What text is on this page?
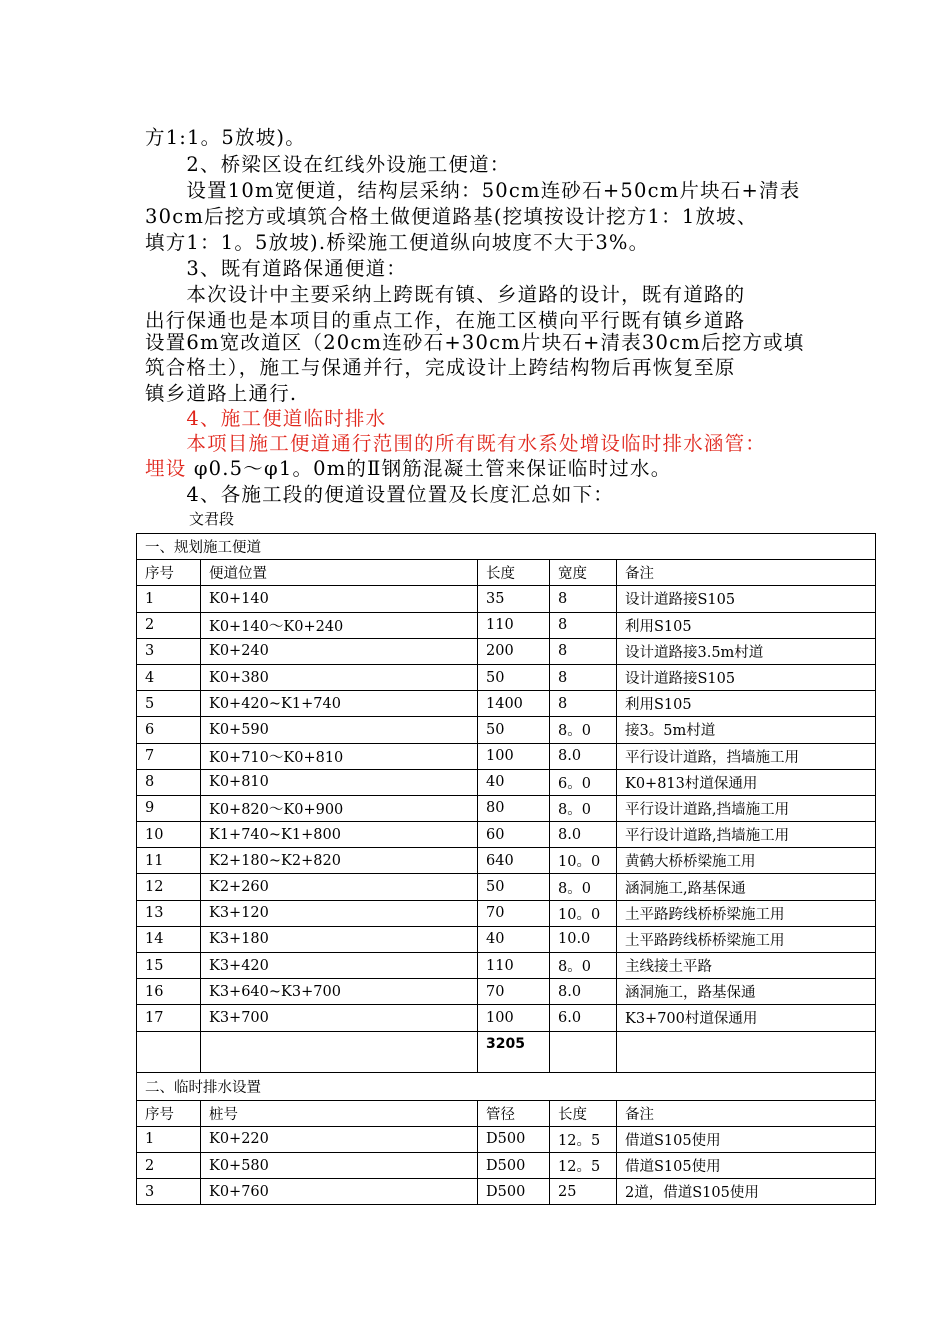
方1:1。5放坡)。
　　2、桥梁区设在红线外设施工便道：
　　设置10m宽便道，结构层采纳：50cm连砂石+50cm片块石+清表
30cm后挖方或填筑合格土做便道路基(挖填按设计挖方1：1放坡、
填方1：1。5放坡).桥梁施工便道纵向坡度不大于3%。
　　3、既有道路保通便道：
　　本次设计中主要采纳上跨既有镇、乡道路的设计，既有道路的
出行保通也是本项目的重点工作，在施工区横向平行既有镇乡道路
设置6m宽改道区（20cm连砂石+30cm片块石+清表30cm后挖方或填
筑合格土），施工与保通并行，完成设计上跨结构物后再恢复至原
镇乡道路上通行.
　　4、施工便道临时排水
　　本项目施工便道通行范围的所有既有水系处增设临时排水涵管：
埋设 φ0.5～φ1。0m的Ⅱ钢筋混凝土管来保证临时过水。
　　4、各施工段的便道设置位置及长度汇总如下：
文君段
一、规划施工便道				
序号	便道位置	长度	宽度	备注
1	K0+140	35	8	设计道路接S105
2	K0+140～K0+240	110	8	利用S105
3	K0+240	200	8	设计道路接3.5m村道
4	K0+380	50	8	设计道路接S105
5	K0+420~K1+740	1400	8	利用S105
6	K0+590	50	8。0	接3。5m村道
7	K0+710～K0+810	100	8.0	平行设计道路，挡墙施工用
8	K0+810	40	6。0	K0+813村道保通用
9	K0+820～K0+900	80	8。0	平行设计道路,挡墙施工用
10	K1+740~K1+800	60	8.0	平行设计道路,挡墙施工用
11	K2+180~K2+820	640	10。0	黄鹤大桥桥梁施工用
12	K2+260	50	8。0	涵洞施工,路基保通
13	K3+120	70	10。0	土平路跨线桥桥梁施工用
14	K3+180	40	10.0	土平路跨线桥桥梁施工用
15	K3+420	110	8。0	主线接土平路
16	K3+640~K3+700	70	8.0	涵洞施工，路基保通
17	K3+700	100	6.0	K3+700村道保通用
		3205		
二、临时排水设置				
序号	桩号	管径	长度	备注
1	K0+220	D500	12。5	借道S105使用
2	K0+580	D500	12。5	借道S105使用
3	K0+760	D500	25	2道，借道S105使用
